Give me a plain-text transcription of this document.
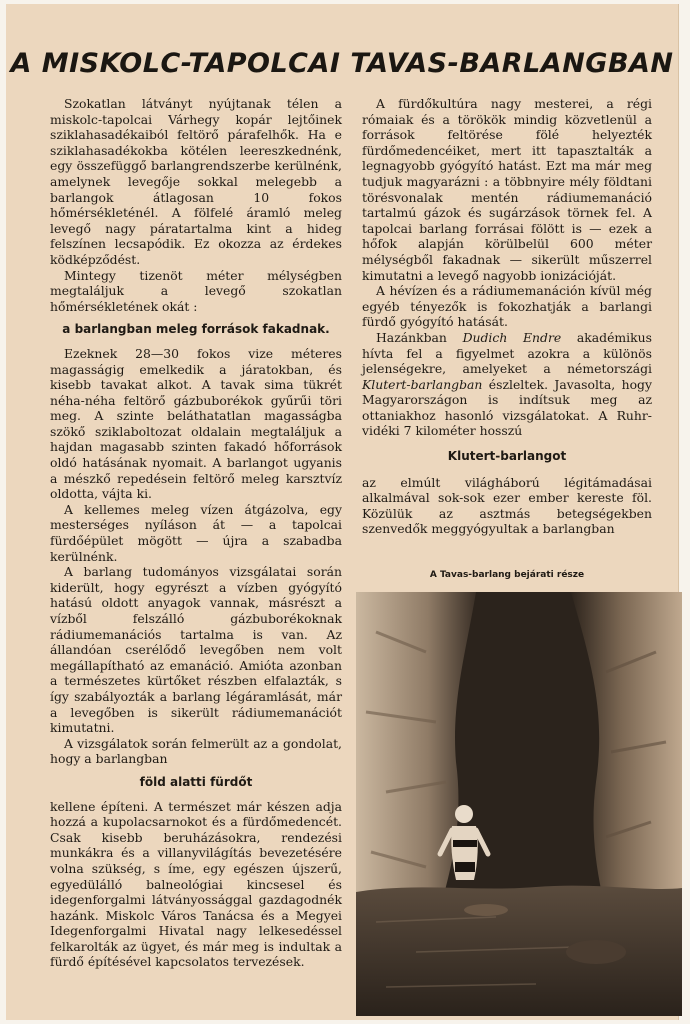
A MISKOLC-TAPOLCAI TAVAS-BARLANGBAN

Szokatlan látványt nyújtanak télen a miskolc-tapolcai Várhegy kopár lejtőinek sziklahasadékaiból feltörő párafelhők. Ha e sziklahasadékokba kötélen leereszkednénk, egy összefüggő barlangrendszerbe kerülnénk, amelynek levegője sokkal melegebb a barlangok átlagosan 10 fokos hőmérsékleténél. A fölfelé áramló meleg levegő nagy páratartalma kint a hideg felszínen lecsapódik. Ez okozza az érdekes ködképződést.

Mintegy tizenöt méter mélységben megtaláljuk a levegő szokatlan hőmérsékletének okát :

a barlangban meleg források fakadnak.

Ezeknek 28—30 fokos vize méteres magasságig emelkedik a járatokban, és kisebb tavakat alkot. A tavak sima tükrét néha-néha feltörő gázbuborékok gyűrűi töri meg. A szinte beláthatatlan magasságba szökő sziklaboltozat oldalain megtaláljuk a hajdan magasabb szinten fakadó hőforrások oldó hatásának nyomait. A barlangot ugyanis a mészkő repedésein feltörő meleg karsztvíz oldotta, vájta ki.

A kellemes meleg vízen átgázolva, egy mesterséges nyíláson át — a tapolcai fürdőépület mögött — újra a szabadba kerülnénk.

A barlang tudományos vizsgálatai során kiderült, hogy egyrészt a vízben gyógyító hatású oldott anyagok vannak, másrészt a vízből felszálló gázbuborékoknak rádiumemanációs tartalma is van. Az állandóan cserélődő levegőben nem volt megállapítható az emanáció. Amióta azonban a természetes kürtőket részben elfalazták, s így szabályozták a barlang légáramlását, már a levegőben is sikerült rádiumemanációt kimutatni.

A vizsgálatok során felmerült az a gondolat, hogy a barlangban

föld alatti fürdőt

kellene építeni. A természet már készen adja hozzá a kupolacsarnokot és a fürdőmedencét. Csak kisebb beruházásokra, rendezési munkákra és a villanyvilágítás bevezetésére volna szükség, s íme, egy egészen újszerű, egyedülálló balneológiai kincsesel és idegenforgalmi látványossággal gazdagodnék hazánk. Miskolc Város Tanácsa és a Megyei Idegenforgalmi Hivatal nagy lelkesedéssel felkarolták az ügyet, és már meg is indultak a fürdő építésével kapcsolatos tervezések.

A fürdőkultúra nagy mesterei, a régi rómaiak és a törökök mindig közvetlenül a források feltörése fölé helyezték fürdőmedencéiket, mert itt tapasztalták a legnagyobb gyógyító hatást. Ezt ma már meg tudjuk magyarázni : a többnyire mély földtani törésvonalak mentén rádiumemanáció tartalmú gázok és sugárzások törnek fel. A tapolcai barlang forrásai fölött is — ezek a hőfok alapján körülbelül 600 méter mélységből fakadnak — sikerült műszerrel kimutatni a levegő nagyobb ionizációját.

A hévízen és a rádiumemanáción kívül még egyéb tényezők is fokozhatják a barlangi fürdő gyógyító hatását.

Hazánkban Dudich Endre akadémikus hívta fel a figyelmet azokra a különös jelenségekre, amelyeket a németországi Klutert-barlangban észleltek. Javasolta, hogy Magyarországon is indítsuk meg az ottaniakhoz hasonló vizsgálatokat. A Ruhr-vidéki 7 kilométer hosszú

Klutert-barlangot

az elmúlt világháború légitámadásai alkalmával sok-sok ezer ember kereste föl. Közülük az asztmás betegségekben szenvedők meggyógyultak a barlangban

A Tavas-barlang bejárati része
